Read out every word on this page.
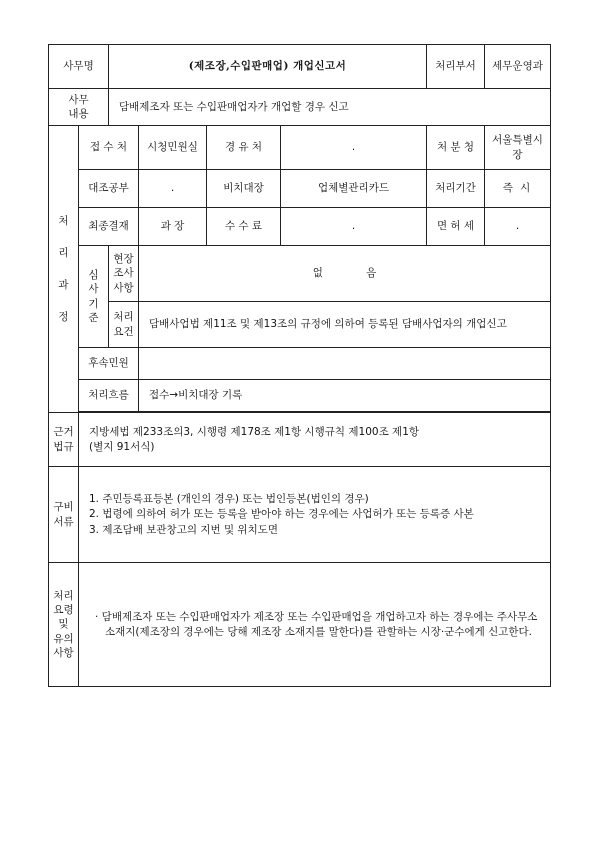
사무명		(제조장,수입판매업) 개업신고서				처리부서	세무운영과

사무
내용		담배제조자 또는 수입판매업자가 개업할 경우 신고					

처
리
과
정	접 수 처		시청민원실	경 유 처	.	처 분 청	서울특별시장
	대조공부		.	비치대장	업체별관리카드	처리기간	즉 시
	최종결재		과 장	수 수 료	.	면 허 세	.

	심
사
기
준	현장
조사
사항	없 음				

		처리
요건	담배사업법 제11조 및 제13조의 규정에 의하여 등록된 담배사업자의 개업신고				
	후속민원						
	처리흐름		접수→비치대장 기록				

근거
법규	지방세법 제233조의3, 시행령 제178조 제1항 시행규칙 제100조 제1항
(별지 91서식)						

구비
서류	1. 주민등록표등본 (개인의 경우) 또는 법인등본(법인의 경우)
2. 법령에 의하여 허가 또는 등록을 받아야 하는 경우에는 사업허가 또는 등록증 사본
3. 제조담배 보관창고의 지번 및 위치도면						

처리
요령
및
유의
사항	· 담배제조자 또는 수입판매업자가 제조장 또는 수입판매업을 개업하고자 하는 경우에는 주사무소 소재지(제조장의 경우에는 당해 제조장 소재지를 말한다)를 관할하는 시장·군수에게 신고한다.						
